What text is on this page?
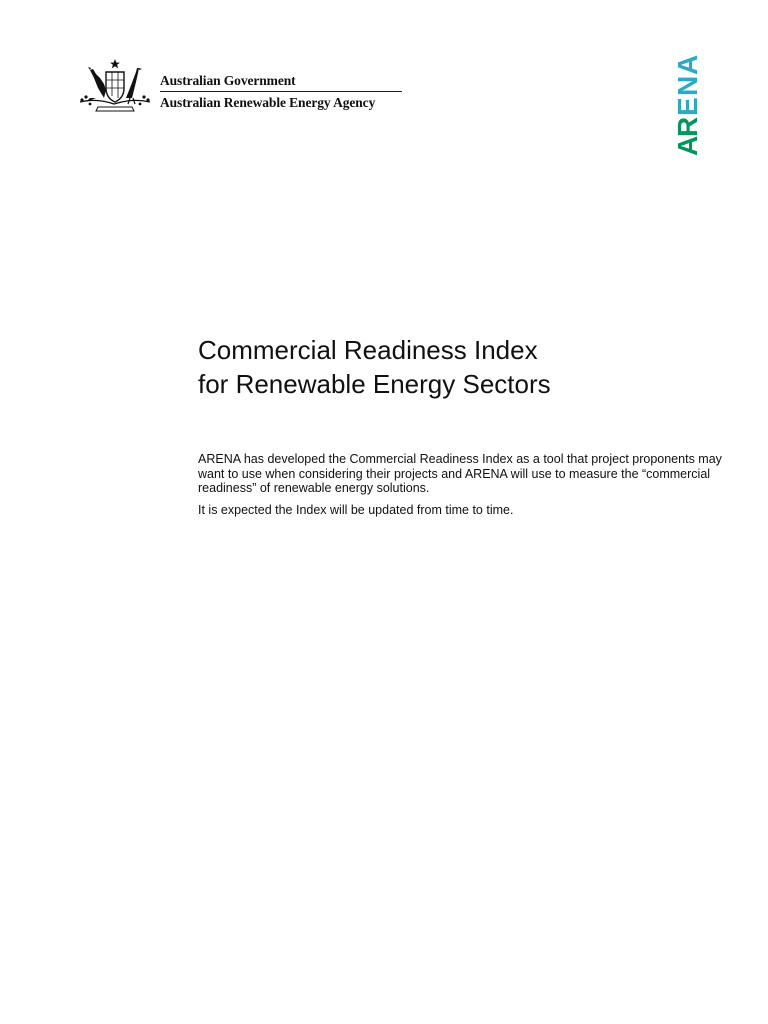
Australian Government
Australian Renewable Energy Agency
A
R
E
N
A
Commercial Readiness Index
for Renewable Energy Sectors

ARENA has developed the Commercial Readiness Index as a tool that project proponents may want to use when considering their projects and ARENA will use to measure the “commercial readiness” of renewable energy solutions.

It is expected the Index will be updated from time to time.
